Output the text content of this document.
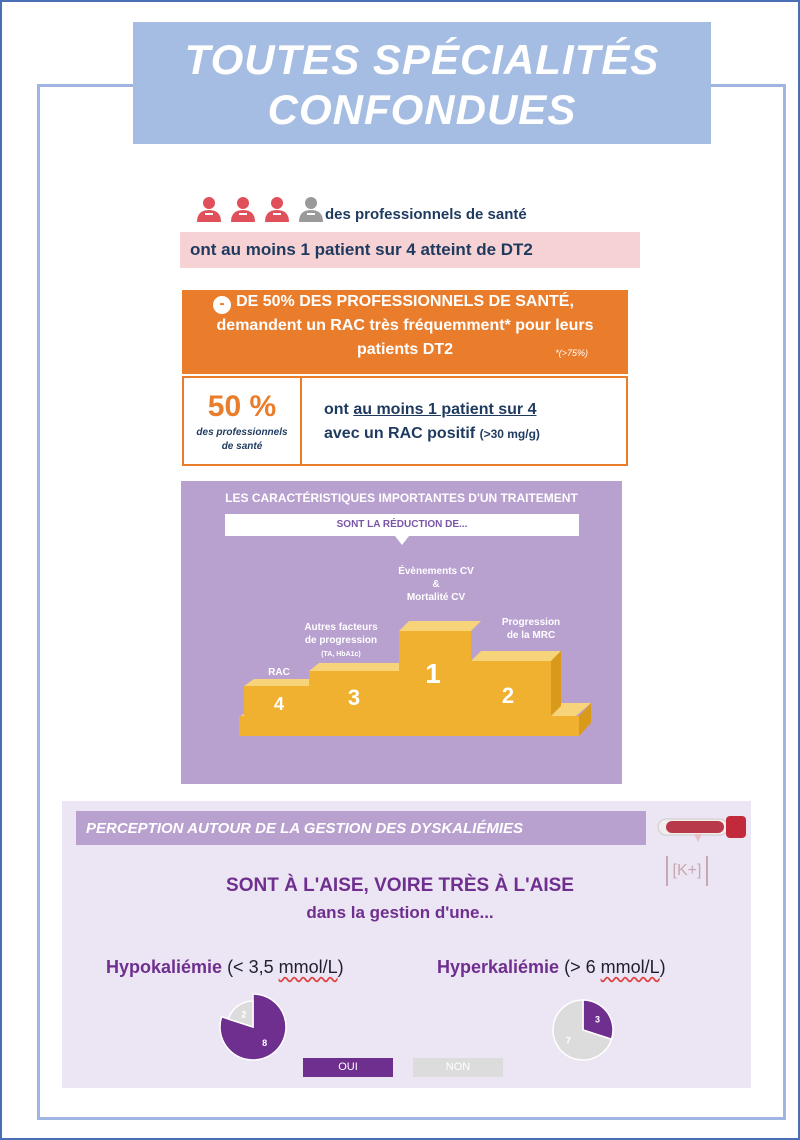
TOUTES SPÉCIALITÉS
CONFONDUES
des professionnels de santé
ont au moins 1 patient sur 4 atteint de DT2
DE 50% DES PROFESSIONNELS DE SANTÉ,
demandent un RAC très fréquemment* pour leurs
patients DT2	*(>75%)
-
50 %
des professionnels
de santé
ont au moins 1 patient sur 4
avec un RAC positif (>30 mg/g)
LES CARACTÉRISTIQUES IMPORTANTES D'UN TRAITEMENT
SONT LA RÉDUCTION DE...
4	3
1
2
Évènements CV
&
Mortalité CV
Progression
de la MRC
Autres facteurs
de progression
(TA, HbA1c)
RAC
PERCEPTION AUTOUR DE LA GESTION DES DYSKALIÉMIES
[K+]
SONT À L'AISE, VOIRE TRÈS À L'AISE
dans la gestion d'une...
Hypokaliémie (< 3,5 mmol/L)	Hyperkaliémie (> 6 mmol/L)
8
2
3
7
OUI	NON
